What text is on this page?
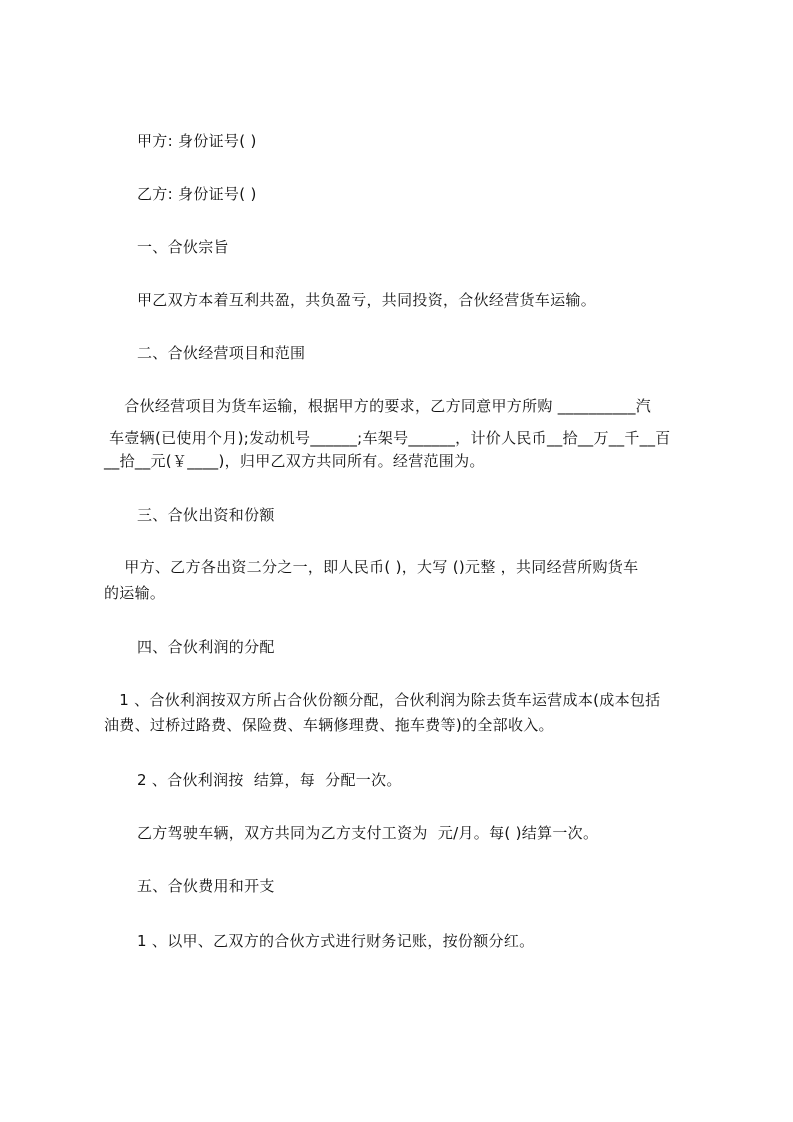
甲方: 身份证号( )
乙方: 身份证号( )
一、合伙宗旨
甲乙双方本着互利共盈，共负盈亏，共同投资，合伙经营货车运输。
二、合伙经营项目和范围
合伙经营项目为货车运输，根据甲方的要求，乙方同意甲方所购 __________汽
车壹辆(已使用个月);发动机号______;车架号______，计价人民币__拾__万__千__百
__拾__元(￥____)，归甲乙双方共同所有。经营范围为。
三、合伙出资和份额
甲方、乙方各出资二分之一，即人民币( )，大写 ()元整 ，共同经营所购货车
的运输。
四、合伙利润的分配
1 、合伙利润按双方所占合伙份额分配，合伙利润为除去货车运营成本(成本包括
油费、过桥过路费、保险费、车辆修理费、拖车费等)的全部收入。
2 、合伙利润按  结算，每  分配一次。
乙方驾驶车辆，双方共同为乙方支付工资为  元/月。每( )结算一次。
五、合伙费用和开支
1 、以甲、乙双方的合伙方式进行财务记账，按份额分红。
